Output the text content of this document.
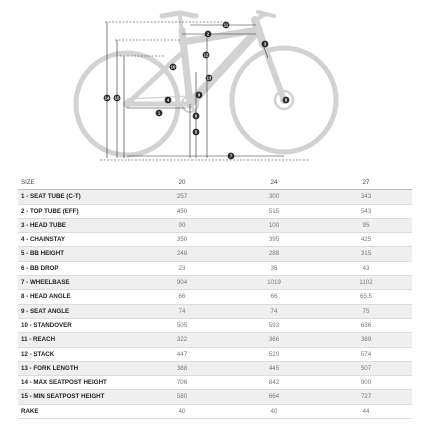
1
2
3
4
5
6
7
8
9
10
11
12
13
14 15
SIZE	20	24	27
1 - SEAT TUBE (C-T)	257	300	343
2 - TOP TUBE (EFF)	450	515	543
3 - HEAD TUBE	90	100	95
4 - CHAINSTAY	350	395	425
5 - BB HEIGHT	248	288	315
6 - BB DROP	23	35	43
7 - WHEELBASE	904	1019	1102
8 - HEAD ANGLE	66	66	65.5
9 - SEAT ANGLE	74	74	75
10 - STANDOVER	505	593	636
11 - REACH	322	366	389
12 - STACK	447	520	574
13 - FORK LENGTH	388	445	507
14 - MAX SEATPOST HEIGHT	706	842	900
15 - MIN SEATPOST HEIGHT	580	664	727
RAKE	40	40	44
